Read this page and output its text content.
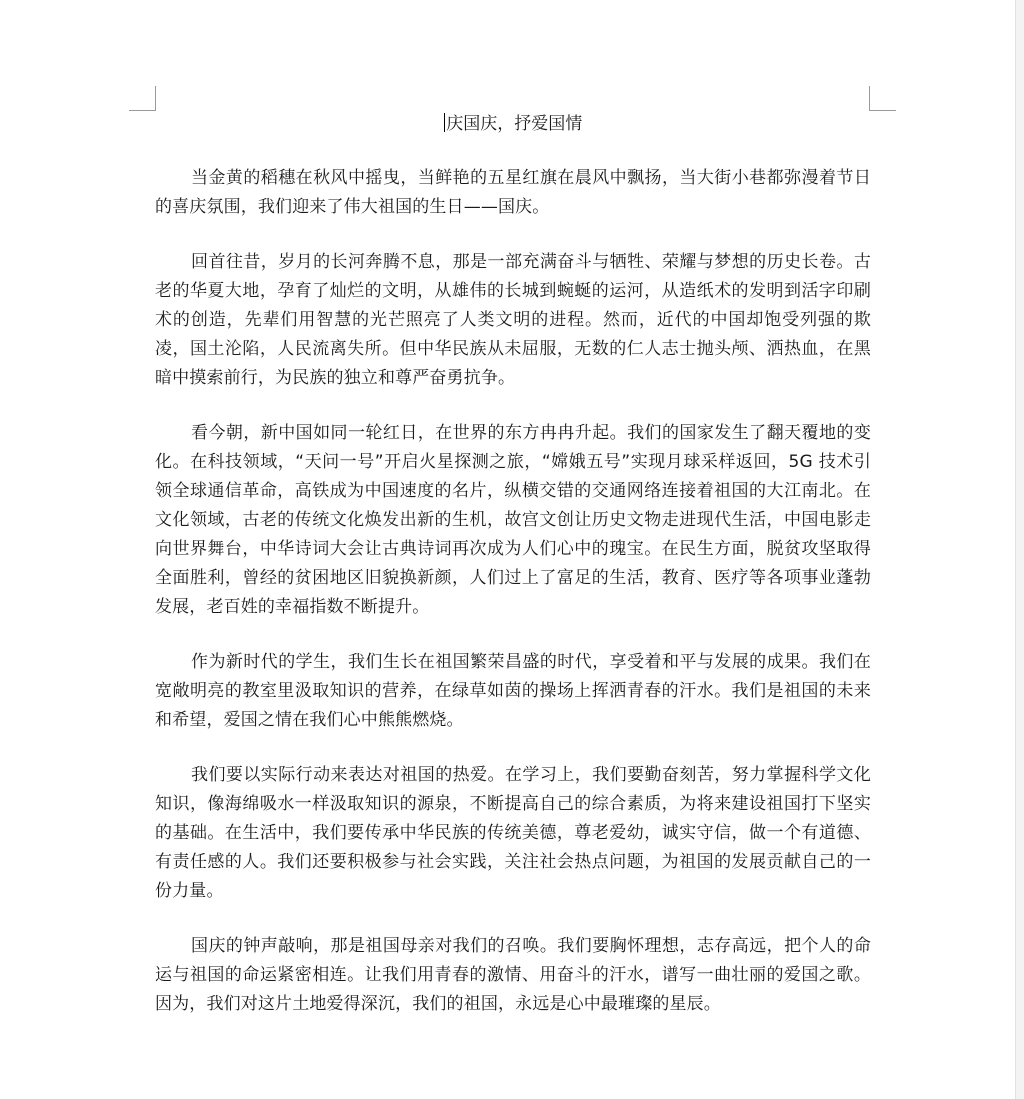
庆国庆，抒爱国情

当金黄的稻穗在秋风中摇曳，当鲜艳的五星红旗在晨风中飘扬，当大街小巷都弥漫着节日的喜庆氛围，我们迎来了伟大祖国的生日——国庆。

回首往昔，岁月的长河奔腾不息，那是一部充满奋斗与牺牲、荣耀与梦想的历史长卷。古老的华夏大地，孕育了灿烂的文明，从雄伟的长城到蜿蜒的运河，从造纸术的发明到活字印刷术的创造，先辈们用智慧的光芒照亮了人类文明的进程。然而，近代的中国却饱受列强的欺凌，国土沦陷，人民流离失所。但中华民族从未屈服，无数的仁人志士抛头颅、洒热血，在黑暗中摸索前行，为民族的独立和尊严奋勇抗争。

看今朝，新中国如同一轮红日，在世界的东方冉冉升起。我们的国家发生了翻天覆地的变化。在科技领域，“天问一号”开启火星探测之旅，“嫦娥五号”实现月球采样返回，5G 技术引领全球通信革命，高铁成为中国速度的名片，纵横交错的交通网络连接着祖国的大江南北。在文化领域，古老的传统文化焕发出新的生机，故宫文创让历史文物走进现代生活，中国电影走向世界舞台，中华诗词大会让古典诗词再次成为人们心中的瑰宝。在民生方面，脱贫攻坚取得全面胜利，曾经的贫困地区旧貌换新颜，人们过上了富足的生活，教育、医疗等各项事业蓬勃发展，老百姓的幸福指数不断提升。

作为新时代的学生，我们生长在祖国繁荣昌盛的时代，享受着和平与发展的成果。我们在宽敞明亮的教室里汲取知识的营养，在绿草如茵的操场上挥洒青春的汗水。我们是祖国的未来和希望，爱国之情在我们心中熊熊燃烧。

我们要以实际行动来表达对祖国的热爱。在学习上，我们要勤奋刻苦，努力掌握科学文化知识，像海绵吸水一样汲取知识的源泉，不断提高自己的综合素质，为将来建设祖国打下坚实的基础。在生活中，我们要传承中华民族的传统美德，尊老爱幼，诚实守信，做一个有道德、有责任感的人。我们还要积极参与社会实践，关注社会热点问题，为祖国的发展贡献自己的一份力量。

国庆的钟声敲响，那是祖国母亲对我们的召唤。我们要胸怀理想，志存高远，把个人的命运与祖国的命运紧密相连。让我们用青春的激情、用奋斗的汗水，谱写一曲壮丽的爱国之歌。因为，我们对这片土地爱得深沉，我们的祖国，永远是心中最璀璨的星辰。
